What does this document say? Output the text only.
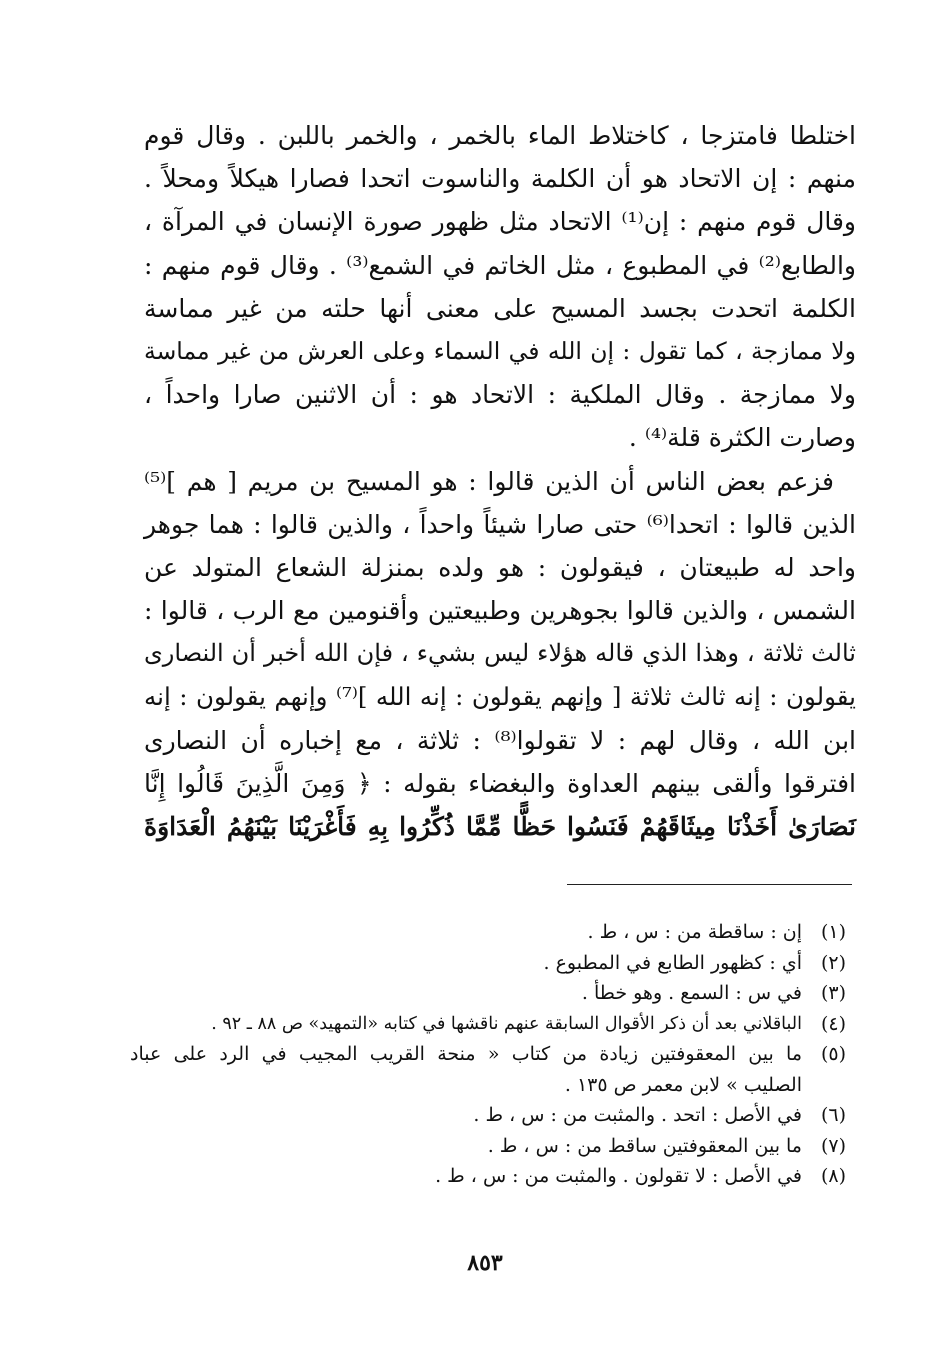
اختلطا فامتزجا ، كاختلاط الماء بالخمر ، والخمر باللبن . وقال قوم
منهم : إن الاتحاد هو أن الكلمة والناسوت اتحدا فصارا هيكلاً ومحلاً .
وقال قوم منهم : إن⁽¹⁾ الاتحاد مثل ظهور صورة الإنسان في المرآة ،
والطابع⁽²⁾ في المطبوع ، مثل الخاتم في الشمع⁽³⁾ . وقال قوم منهم :
الكلمة اتحدت بجسد المسيح على معنى أنها حلته من غير مماسة
ولا ممازجة ، كما تقول : إن الله في السماء وعلى العرش من غير مماسة
ولا ممازجة . وقال الملكية : الاتحاد هو : أن الاثنين صارا واحداً ،
وصارت الكثرة قلة⁽⁴⁾ .
فزعم بعض الناس أن الذين قالوا : هو المسيح بن مريم [ هم ]⁽⁵⁾
الذين قالوا : اتحدا⁽⁶⁾ حتى صارا شيئاً واحداً ، والذين قالوا : هما جوهر
واحد له طبيعتان ، فيقولون : هو ولده بمنزلة الشعاع المتولد عن
الشمس ، والذين قالوا بجوهرين وطبيعتين وأقنومين مع الرب ، قالوا :
ثالث ثلاثة ، وهذا الذي قاله هؤلاء ليس بشيء ، فإن الله أخبر أن النصارى
يقولون : إنه ثالث ثلاثة [ وإنهم يقولون : إنه الله ]⁽⁷⁾ وإنهم يقولون : إنه
ابن الله ، وقال لهم : لا تقولوا⁽⁸⁾ : ثلاثة ، مع إخباره أن النصارى
افترقوا وألقى بينهم العداوة والبغضاء بقوله : ﴿ وَمِنَ الَّذِينَ قَالُوا إِنَّا
نَصَارَىٰ أَخَذْنَا مِيثَاقَهُمْ فَنَسُوا حَظًّا مِّمَّا ذُكِّرُوا بِهِ فَأَغْرَيْنَا بَيْنَهُمُ الْعَدَاوَةَ
(١)
إن : ساقطة من : س ، ط .
(٢)
أي : كظهور الطابع في المطبوع .
(٣)
في س : السمع . وهو خطأ .
(٤)
الباقلاني بعد أن ذكر الأقوال السابقة عنهم ناقشها في كتابه «التمهيد» ص ٨٨ ـ ٩٢ .
(٥)
ما بين المعقوفتين زيادة من كتاب « منحة القريب المجيب في الرد على عباد
الصليب » لابن معمر ص ١٣٥ .
(٦)
في الأصل : اتحد . والمثبت من : س ، ط .
(٧)
ما بين المعقوفتين ساقط من : س ، ط .
(٨)
في الأصل : لا تقولون . والمثبت من : س ، ط .
٨٥٣
